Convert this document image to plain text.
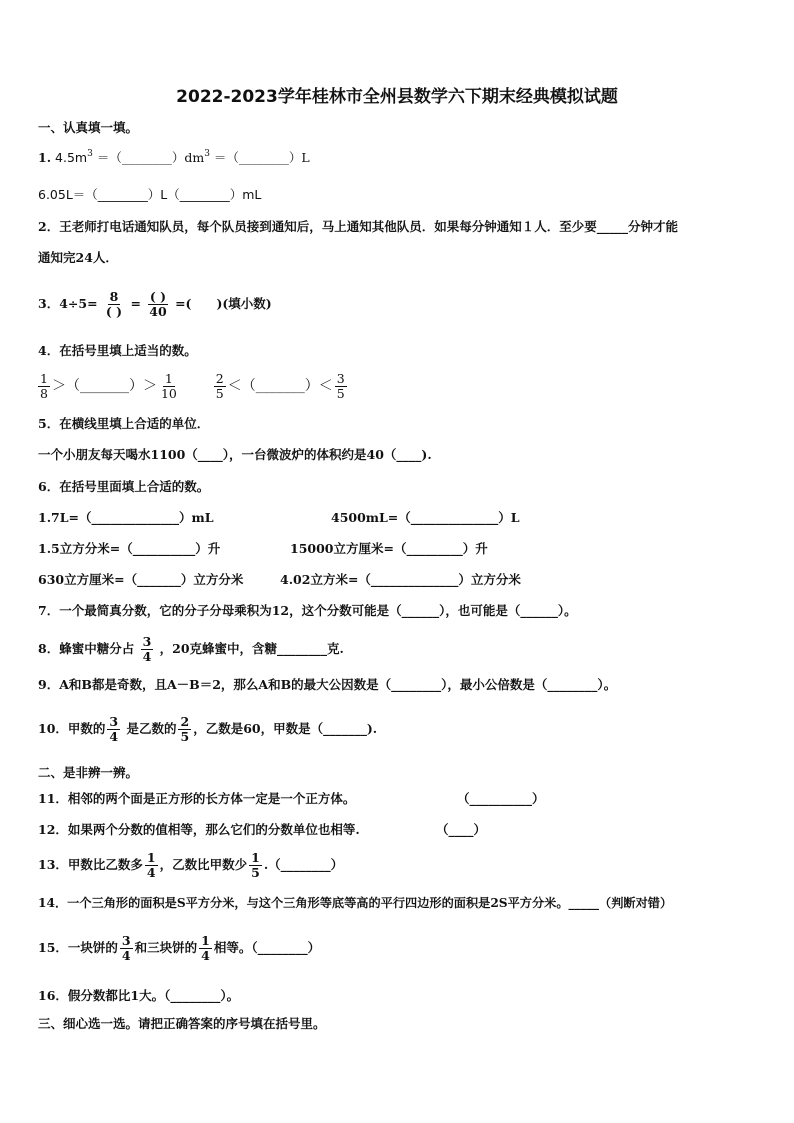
2022-2023学年桂林市全州县数学六下期末经典模拟试题
一、认真填一填。
1. $4.5m^3$ $=(\_\_\_\_\_\_\_\_)dm^3$ ＝（________）L
6.05L＝（________）L（________）mL
2．王老师打电话通知队员，每个队员接到通知后，马上通知其他队员．如果每分钟通知１人．至少要_____分钟才能
通知完24人．
3．$4\div 5= \frac{8}{( )} = \frac{( )}{40}$ =(　　)(填小数)
4．在括号里填上适当的数。
$\frac{1}{8}$ ＞（_______）＞ $\frac{1}{10}$
	$\frac{2}{5}$ ＜（_______）＜ $\frac{3}{5}$
5．在横线里填上合适的单位．
一个小朋友每天喝水1100（____），一台微波炉的体积约是40（____).
6．在括号里面填上合适的数。
1.7L=（______________）mL	4500mL=（______________）L
1.5立方分米=（__________）升	15000立方厘米=（_________）升
630立方厘米=（_______）立方分米	4.02立方米=（______________）立方分米
7．一个最简真分数，它的分子分母乘积为12，这个分数可能是（______），也可能是（______）。
8．蜂蜜中糖分占 $\frac{3}{4}$ ，20克蜂蜜中，含糖________克.
9．A和B都是奇数，且A－B＝2，那么A和B的最大公因数是（________），最小公倍数是（________）。
10．甲数的 $\frac{3}{4}$ 是乙数的 $\frac{2}{5}$ ，乙数是60，甲数是（_______).
二、是非辨一辨。
11．相邻的两个面是正方形的长方体一定是一个正方体。	（__________）
12．如果两个分数的值相等，那么它们的分数单位也相等.	（____）
13．甲数比乙数多 $\frac{1}{4}$ ，乙数比甲数少 $\frac{1}{5}$ .（________）
14．一个三角形的面积是S平方分米，与这个三角形等底等高的平行四边形的面积是2S平方分米。_____（判断对错）
15．一块饼的 $\frac{3}{4}$ 和三块饼的 $\frac{1}{4}$ 相等。（________）
16．假分数都比1大。（________）。
三、细心选一选。请把正确答案的序号填在括号里。
